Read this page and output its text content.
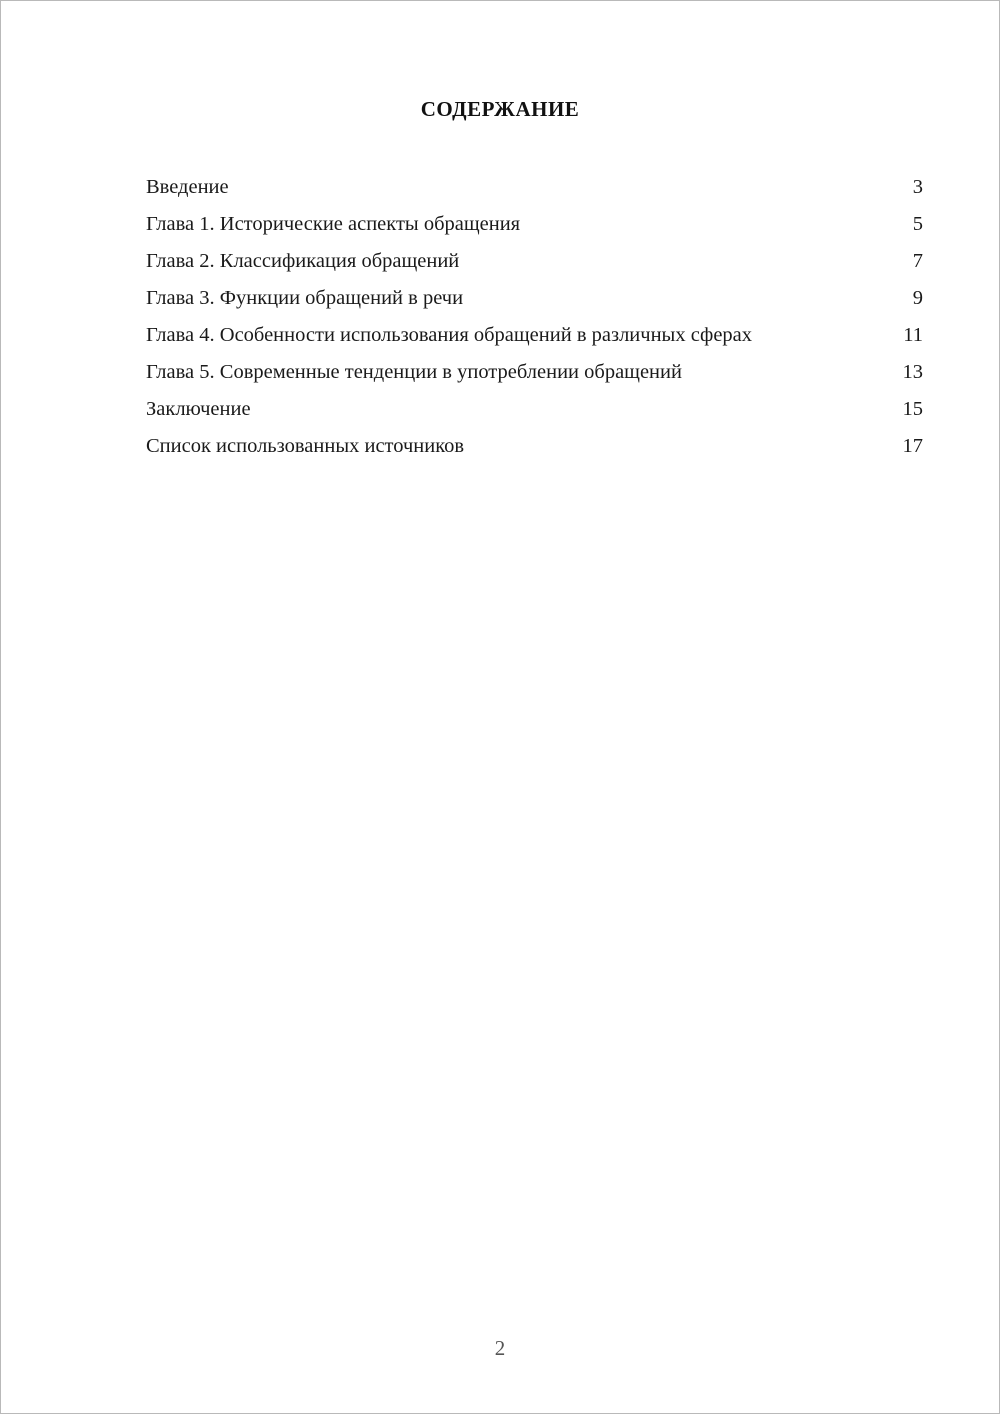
СОДЕРЖАНИЕ
Введение	3
Глава 1. Исторические аспекты обращения	5
Глава 2. Классификация обращений	7
Глава 3. Функции обращений в речи	9
Глава 4. Особенности использования обращений в различных сферах	11
Глава 5. Современные тенденции в употреблении обращений	13
Заключение	15
Список использованных источников	17
2
